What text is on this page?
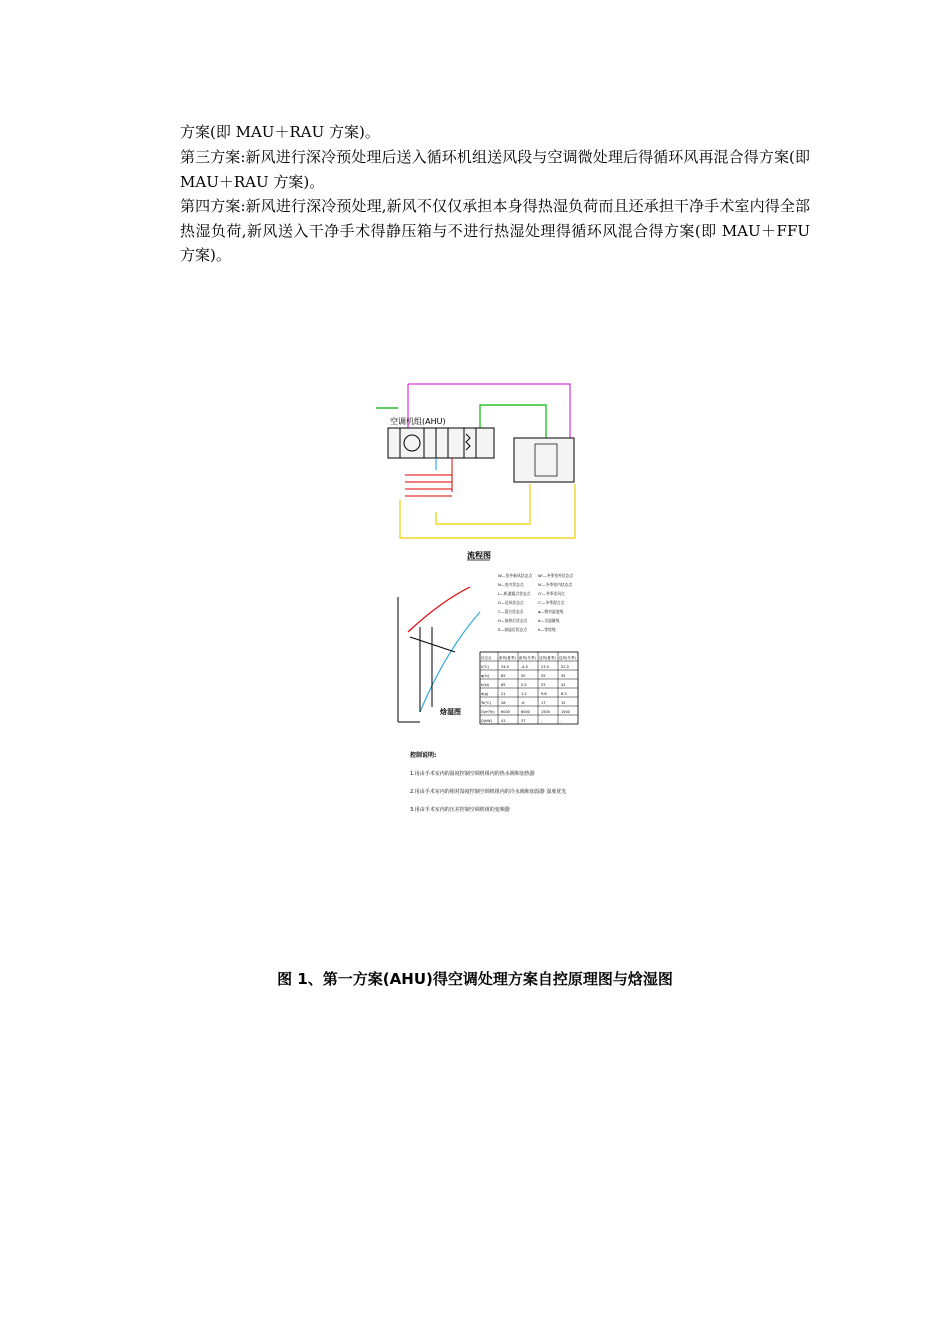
方案(即 MAU＋RAU 方案)。
第三方案:新风进行深冷预处理后送入循环机组送风段与空调微处理后得循环风再混合得方案(即 MAU＋RAU 方案)。
第四方案:新风进行深冷预处理,新风不仅仅承担本身得热湿负荷而且还承担干净手术室内得全部热湿负荷,新风送入干净手术得静压箱与不进行热湿处理得循环风混合得方案(即 MAU＋FFU 方案)。
空调机组(AHU)
流程图
焓湿图
W—室外新风状态点
N—室内状态点
L—机器露点状态点
O—送风状态点
C—混合状态点
H—加热后状态点
S—加湿后状态点
W'—冬季室外状态点
N'—冬季室内状态点
O'—冬季送风点
C'—冬季混合点
φ—相对湿度线
d—含湿量线
h—等焓线
状态点 新风(夏季) 新风(冬季) 送风(夏季) 送风(冬季)
t(℃)	34.0	-4.0	23.0	22.0
φ(%)	65	50	55	55
h(kJ)	85	2.5	53	42
d(g)	21	1.2	9.6	8.5
Ts(℃)	28	-6	17	15
G(m³/h) 6000	6000	1500	1500
Q(kW)	41	37	-	-
控制说明:
1.用由手术室内的温度控制空调机组内的热水阀和加热器
2.用由手术室内的相对湿度控制空调机组内的冷水阀和加湿器 湿度优先
3.用由手术室内的压差控制空调机组的变频器
图 1、第一方案(AHU)得空调处理方案自控原理图与焓湿图
